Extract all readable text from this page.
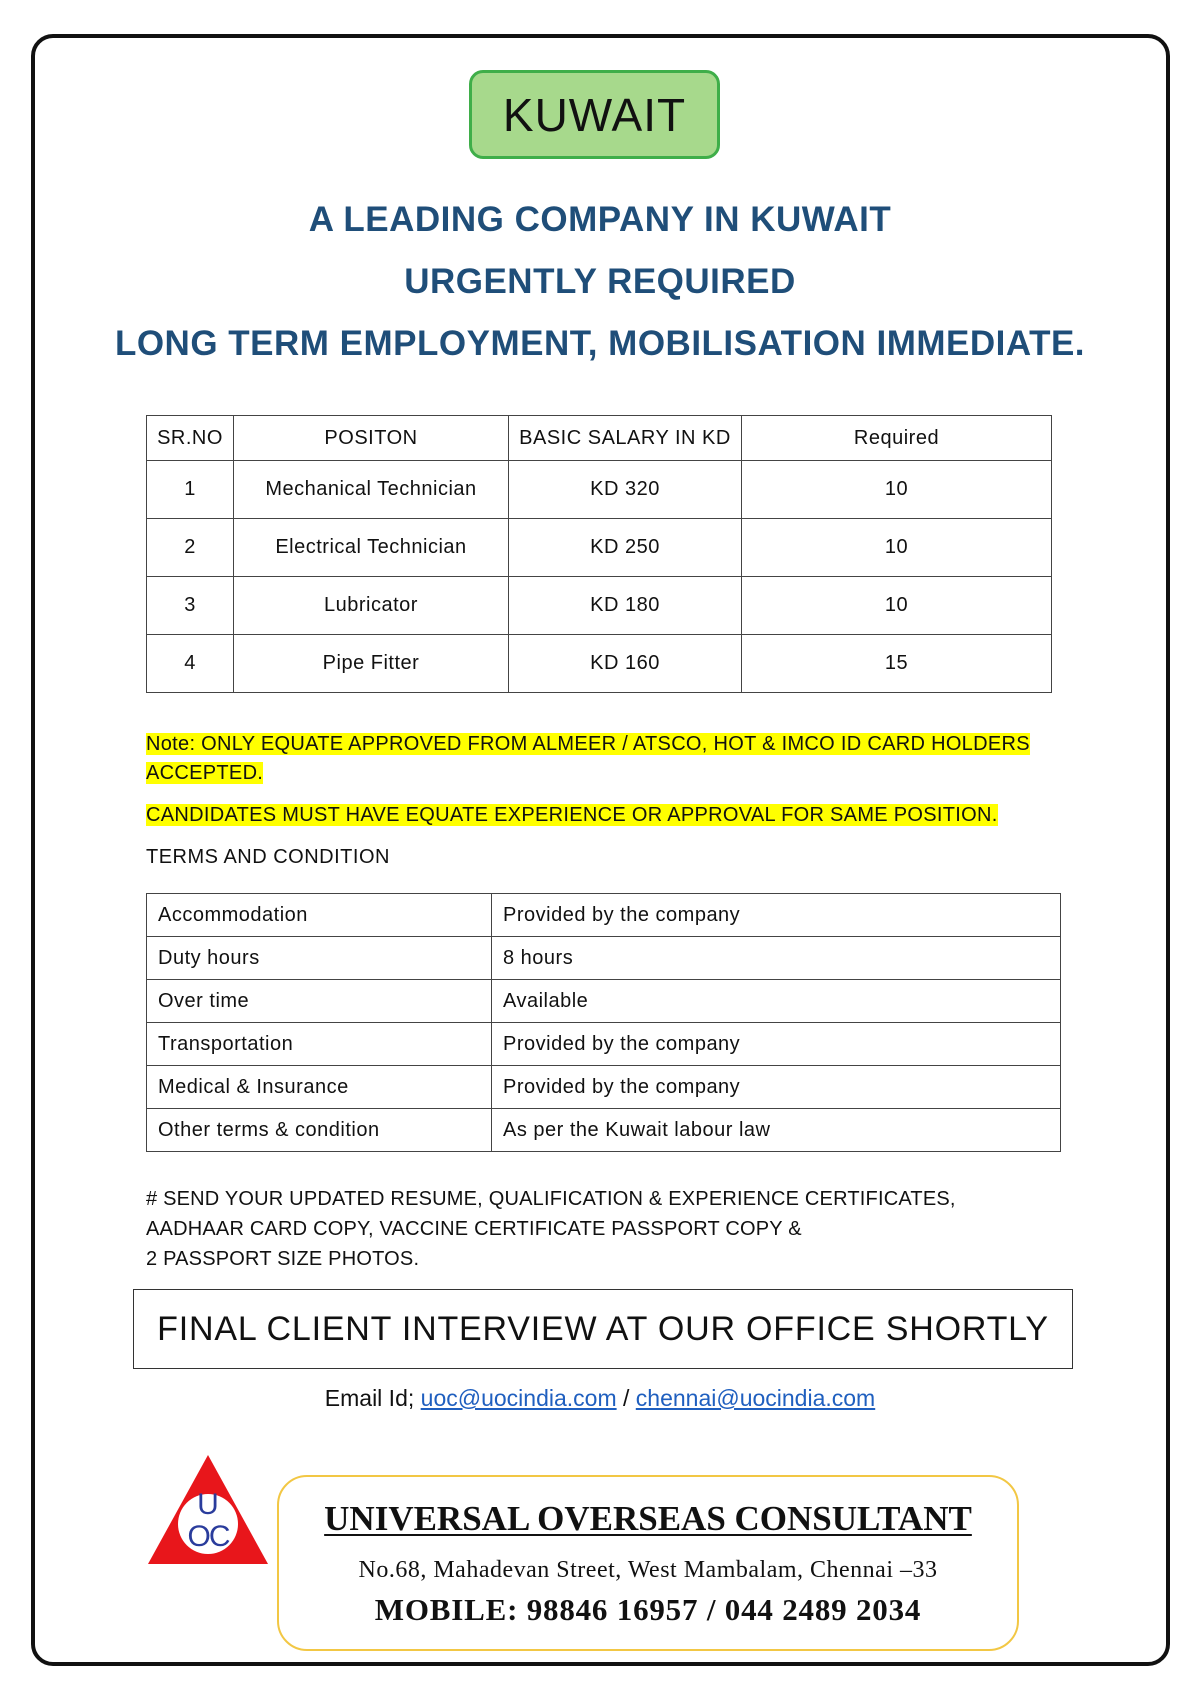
KUWAIT
A LEADING COMPANY IN KUWAIT
URGENTLY REQUIRED
LONG TERM EMPLOYMENT, MOBILISATION IMMEDIATE.
SR.NO	POSITON	BASIC SALARY IN KD	Required
1	Mechanical Technician	KD 320	10
2	Electrical Technician	KD 250	10
3	Lubricator	KD 180	10
4	Pipe Fitter	KD 160	15
Note: ONLY EQUATE APPROVED FROM ALMEER / ATSCO, HOT & IMCO ID CARD HOLDERS ACCEPTED.
CANDIDATES MUST HAVE EQUATE EXPERIENCE OR APPROVAL FOR SAME POSITION.
TERMS AND CONDITION
Accommodation	Provided by the company
Duty hours	8 hours
Over time	Available
Transportation	Provided by the company
Medical & Insurance	Provided by the company
Other terms & condition	As per the Kuwait labour law
# SEND YOUR UPDATED RESUME, QUALIFICATION & EXPERIENCE CERTIFICATES,
AADHAAR CARD COPY, VACCINE CERTIFICATE PASSPORT COPY &
2 PASSPORT SIZE PHOTOS.
FINAL CLIENT INTERVIEW AT OUR OFFICE SHORTLY
Email Id; uoc@uocindia.com / chennai@uocindia.com
U
OC	UNIVERSAL OVERSEAS CONSULTANT
No.68, Mahadevan Street, West Mambalam, Chennai –33
MOBILE: 98846 16957 / 044 2489 2034
